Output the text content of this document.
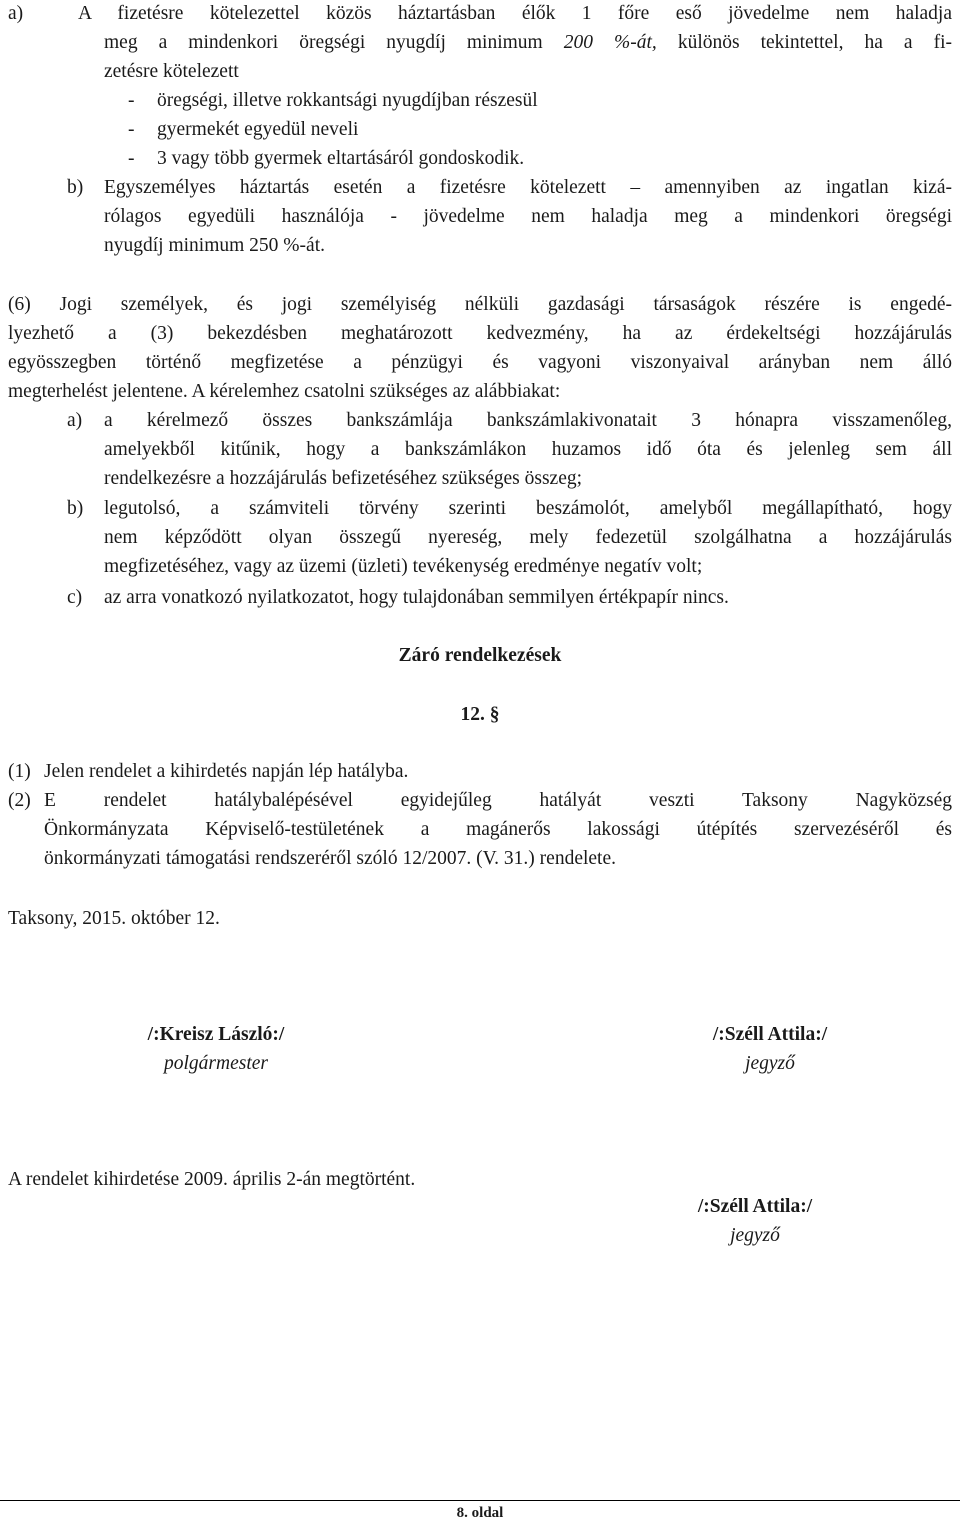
a)	A fizetésre kötelezettel közös háztartásban élők 1 főre eső jövedelme nem haladja
meg a mindenkori öregségi nyugdíj minimum 200 %-át, különös tekintettel, ha a fi-
zetésre kötelezett
- öregségi, illetve rokkantsági nyugdíjban részesül
- gyermekét egyedül neveli
- 3 vagy több gyermek eltartásáról gondoskodik.
b) Egyszemélyes háztartás esetén a fizetésre kötelezett – amennyiben az ingatlan kizá-
rólagos egyedüli használója - jövedelme nem haladja meg a mindenkori öregségi
nyugdíj minimum 250 %-át.
(6) Jogi személyek, és jogi személyiség nélküli gazdasági társaságok részére is engedé-
lyezhető a (3) bekezdésben meghatározott kedvezmény, ha az érdekeltségi hozzájárulás
egyösszegben történő megfizetése a pénzügyi és vagyoni viszonyaival arányban nem álló
megterhelést jelentene. A kérelemhez csatolni szükséges az alábbiakat:
a) a kérelmező összes bankszámlája bankszámlakivonatait 3 hónapra visszamenőleg,
amelyekből kitűnik, hogy a bankszámlákon huzamos idő óta és jelenleg sem áll
rendelkezésre a hozzájárulás befizetéséhez szükséges összeg;
b) legutolsó, a számviteli törvény szerinti beszámolót, amelyből megállapítható, hogy
nem képződött olyan összegű nyereség, mely fedezetül szolgálhatna a hozzájárulás
megfizetéséhez, vagy az üzemi (üzleti) tevékenység eredménye negatív volt;
c) az arra vonatkozó nyilatkozatot, hogy tulajdonában semmilyen értékpapír nincs.
Záró rendelkezések
12. §
(1) Jelen rendelet a kihirdetés napján lép hatályba.
(2) E rendelet hatálybalépésével egyidejűleg hatályát veszti Taksony Nagyközség
Önkormányzata Képviselő-testületének a magánerős lakossági útépítés szervezéséről és
önkormányzati támogatási rendszeréről szóló 12/2007. (V. 31.) rendelete.
Taksony, 2015. október 12.
/:Kreisz László:/
polgármester
/:Széll Attila:/
jegyző
A rendelet kihirdetése 2009. április 2-án megtörtént.
/:Széll Attila:/
jegyző
8. oldal
